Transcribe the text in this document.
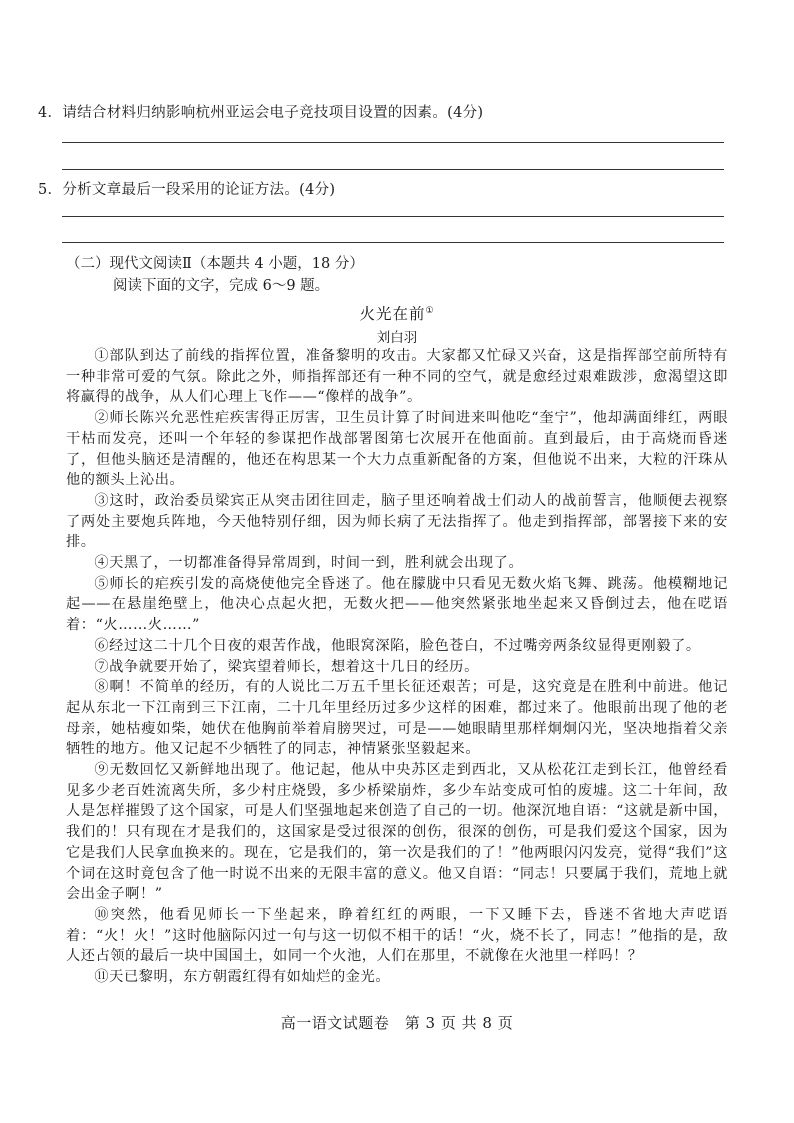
4．请结合材料归纳影响杭州亚运会电子竞技项目设置的因素。(4分)
5．分析文章最后一段采用的论证方法。(4分)
（二）现代文阅读Ⅱ（本题共 4 小题，18 分）
阅读下面的文字，完成 6～9 题。
火光在前①
刘白羽

①部队到达了前线的指挥位置，准备黎明的攻击。大家都又忙碌又兴奋，这是指挥部空前所特有一种非常可爱的气氛。除此之外，师指挥部还有一种不同的空气，就是愈经过艰难跋涉，愈渴望这即将赢得的战争，从人们心理上飞作——“像样的战争”。

②师长陈兴允恶性疟疾害得正厉害，卫生员计算了时间进来叫他吃“奎宁”，他却满面绯红，两眼干枯而发亮，还叫一个年轻的参谋把作战部署图第七次展开在他面前。直到最后，由于高烧而昏迷了，但他头脑还是清醒的，他还在构思某一个大力点重新配备的方案，但他说不出来，大粒的汗珠从他的额头上沁出。

③这时，政治委员梁宾正从突击团往回走，脑子里还响着战士们动人的战前誓言，他顺便去视察了两处主要炮兵阵地，今天他特别仔细，因为师长病了无法指挥了。他走到指挥部，部署接下来的安排。

④天黑了，一切都准备得异常周到，时间一到，胜利就会出现了。

⑤师长的疟疾引发的高烧使他完全昏迷了。他在朦胧中只看见无数火焰飞舞、跳荡。他模糊地记起——在悬崖绝壁上，他决心点起火把，无数火把——他突然紧张地坐起来又昏倒过去，他在呓语着：“火……火……”

⑥经过这二十几个日夜的艰苦作战，他眼窝深陷，脸色苍白，不过嘴旁两条纹显得更刚毅了。

⑦战争就要开始了，梁宾望着师长，想着这十几日的经历。

⑧啊！不简单的经历，有的人说比二万五千里长征还艰苦；可是，这究竟是在胜利中前进。他记起从东北一下江南到三下江南，二十几年里经历过多少这样的困难，都过来了。他眼前出现了他的老母亲，她枯瘦如柴，她伏在他胸前举着肩膀哭过，可是——她眼睛里那样炯炯闪光，坚决地指着父亲牺牲的地方。他又记起不少牺牲了的同志，神情紧张坚毅起来。

⑨无数回忆又新鲜地出现了。他记起，他从中央苏区走到西北，又从松花江走到长江，他曾经看见多少老百姓流离失所，多少村庄烧毁，多少桥梁崩炸，多少车站变成可怕的废墟。这二十年间，敌人是怎样摧毁了这个国家，可是人们坚强地起来创造了自己的一切。他深沉地自语：“这就是新中国，我们的！只有现在才是我们的，这国家是受过很深的创伤，很深的创伤，可是我们爱这个国家，因为它是我们人民拿血换来的。现在，它是我们的，第一次是我们的了！”他两眼闪闪发亮，觉得“我们”这个词在这时竟包含了他一时说不出来的无限丰富的意义。他又自语：“同志！只要属于我们，荒地上就会出金子啊！”

⑩突然，他看见师长一下坐起来，睁着红红的两眼，一下又睡下去，昏迷不省地大声呓语着：“火！火！”这时他脑际闪过一句与这一切似不相干的话！“火，烧不长了，同志！”他指的是，敌人还占领的最后一块中国国土，如同一个火池，人们在那里，不就像在火池里一样吗！？

⑪天已黎明，东方朝霞红得有如灿烂的金光。

高一语文试题卷　第 3 页 共 8 页
